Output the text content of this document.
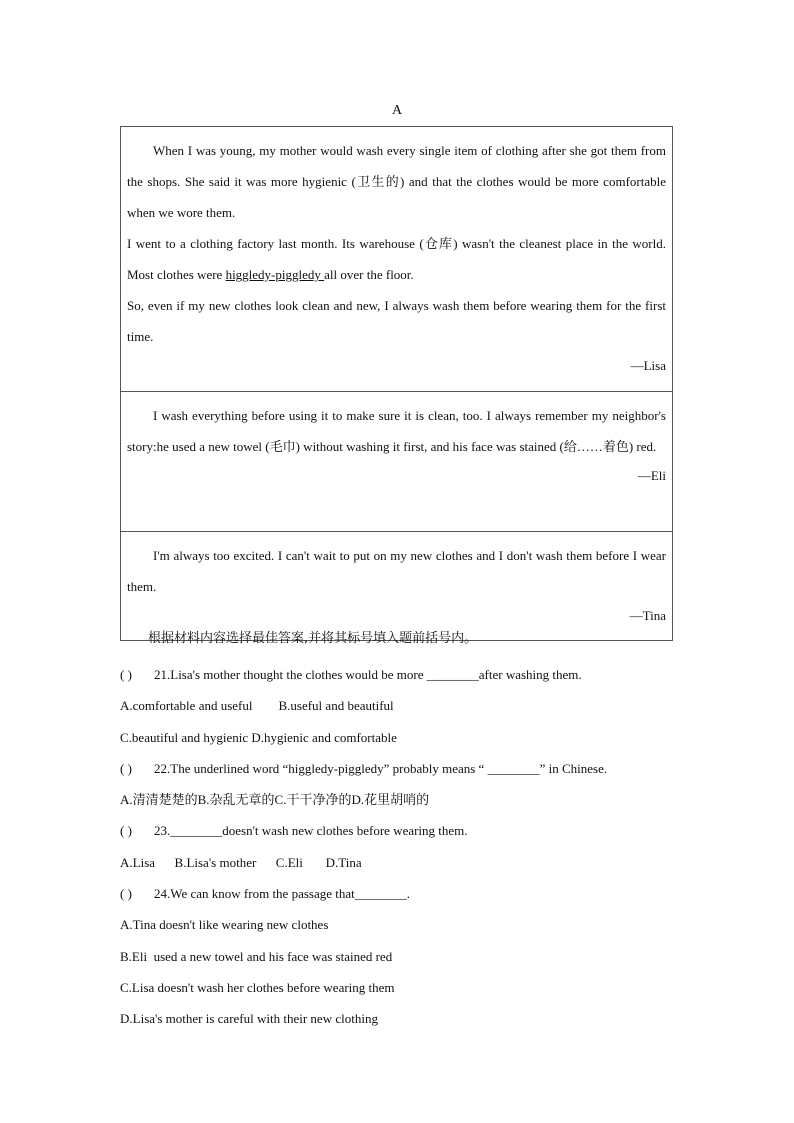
A

When I was young, my mother would wash every single item of clothing after she got them from the shops. She said it was more hygienic (卫生的) and that the clothes would be more comfortable when we wore them.

I went to a clothing factory last month. Its warehouse (仓库) wasn't the cleanest place in the world. Most clothes were higgledy-piggledy all over the floor.

So, even if my new clothes look clean and new, I always wash them before wearing them for the first time.

—Lisa

I wash everything before using it to make sure it is clean, too. I always remember my neighbor's story:he used a new towel (毛巾) without washing it first, and his face was stained (给……着色) red.

—Eli

I'm always too excited. I can't wait to put on my new clothes and I don't wash them before I wear them.

—Tina

根据材料内容选择最佳答案,并将其标号填入题前括号内。

( ) 21.Lisa's mother thought the clothes would be more ________after washing them.

A.comfortable and useful        B.useful and beautiful

C.beautiful and hygienic D.hygienic and comfortable

( ) 22.The underlined word “higgledy-piggledy” probably means “ ________” in Chinese.

A.清清楚楚的B.杂乱无章的C.干干净净的D.花里胡哨的

( ) 23.________doesn't wash new clothes before wearing them.

A.Lisa      B.Lisa's mother      C.Eli       D.Tina

( ) 24.We can know from the passage that________.

A.Tina doesn't like wearing new clothes

B.Eli  used a new towel and his face was stained red

C.Lisa doesn't wash her clothes before wearing them

D.Lisa's mother is careful with their new clothing
